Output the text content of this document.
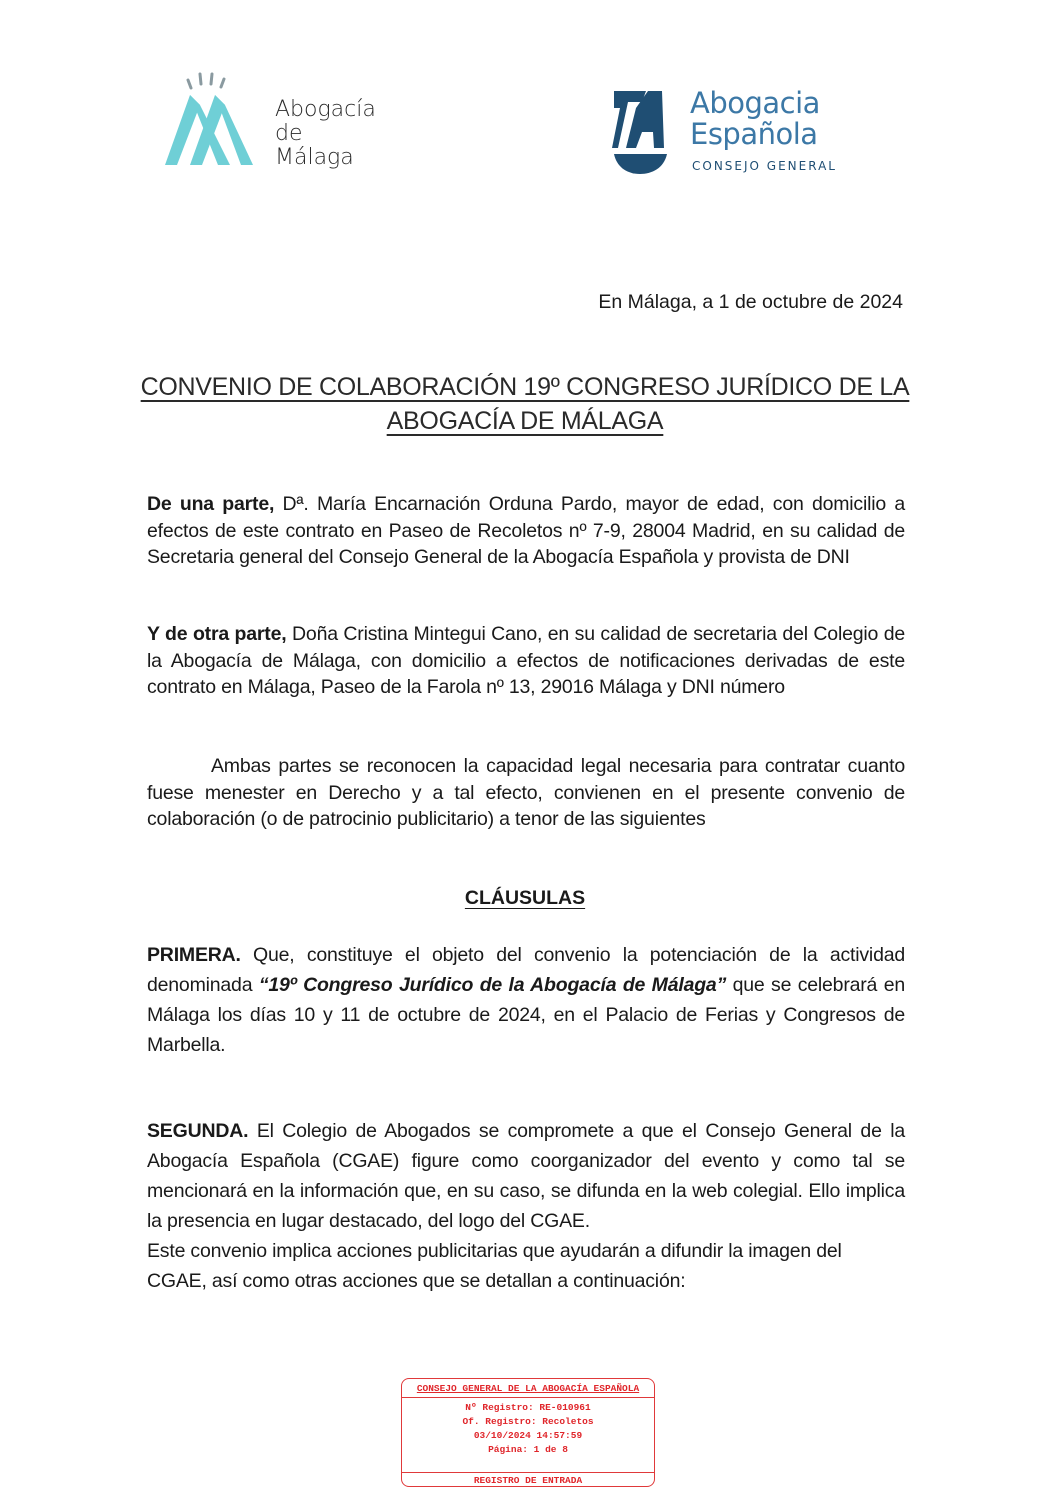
Abogacía
de
Málaga
Abogacia
Española
CONSEJO GENERAL
En Málaga, a 1 de octubre de 2024
CONVENIO DE COLABORACIÓN 19º CONGRESO JURÍDICO DE LA
ABOGACÍA DE MÁLAGA
De una parte, Dª. María Encarnación Orduna Pardo, mayor de edad, con domicilio a efectos de este contrato en Paseo de Recoletos nº 7-9, 28004 Madrid, en su calidad de Secretaria general del Consejo General de la Abogacía Española y provista de DNI
Y de otra parte, Doña Cristina Mintegui Cano, en su calidad de secretaria del Colegio de la Abogacía de Málaga, con domicilio a efectos de notificaciones derivadas de este contrato en Málaga, Paseo de la Farola nº 13, 29016 Málaga y DNI número
Ambas partes se reconocen la capacidad legal necesaria para contratar cuanto fuese menester en Derecho y a tal efecto, convienen en el presente convenio de colaboración (o de patrocinio publicitario) a tenor de las siguientes
CLÁUSULAS
PRIMERA. Que, constituye el objeto del convenio la potenciación de la actividad denominada “19º Congreso Jurídico de la Abogacía de Málaga” que se celebrará en Málaga los días 10 y 11 de octubre de 2024, en el Palacio de Ferias y Congresos de Marbella.
SEGUNDA. El Colegio de Abogados se compromete a que el Consejo General de la Abogacía Española (CGAE) figure como coorganizador del evento y como tal se mencionará en la información que, en su caso, se difunda en la web colegial. Ello implica la presencia en lugar destacado, del logo del CGAE.
Este convenio implica acciones publicitarias que ayudarán a difundir la imagen del CGAE, así como otras acciones que se detallan a continuación:
CONSEJO GENERAL DE LA ABOGACÍA ESPAÑOLA
Nº Registro: RE-010961
Of. Registro: Recoletos
03/10/2024 14:57:59
Página: 1 de 8
REGISTRO DE ENTRADA
